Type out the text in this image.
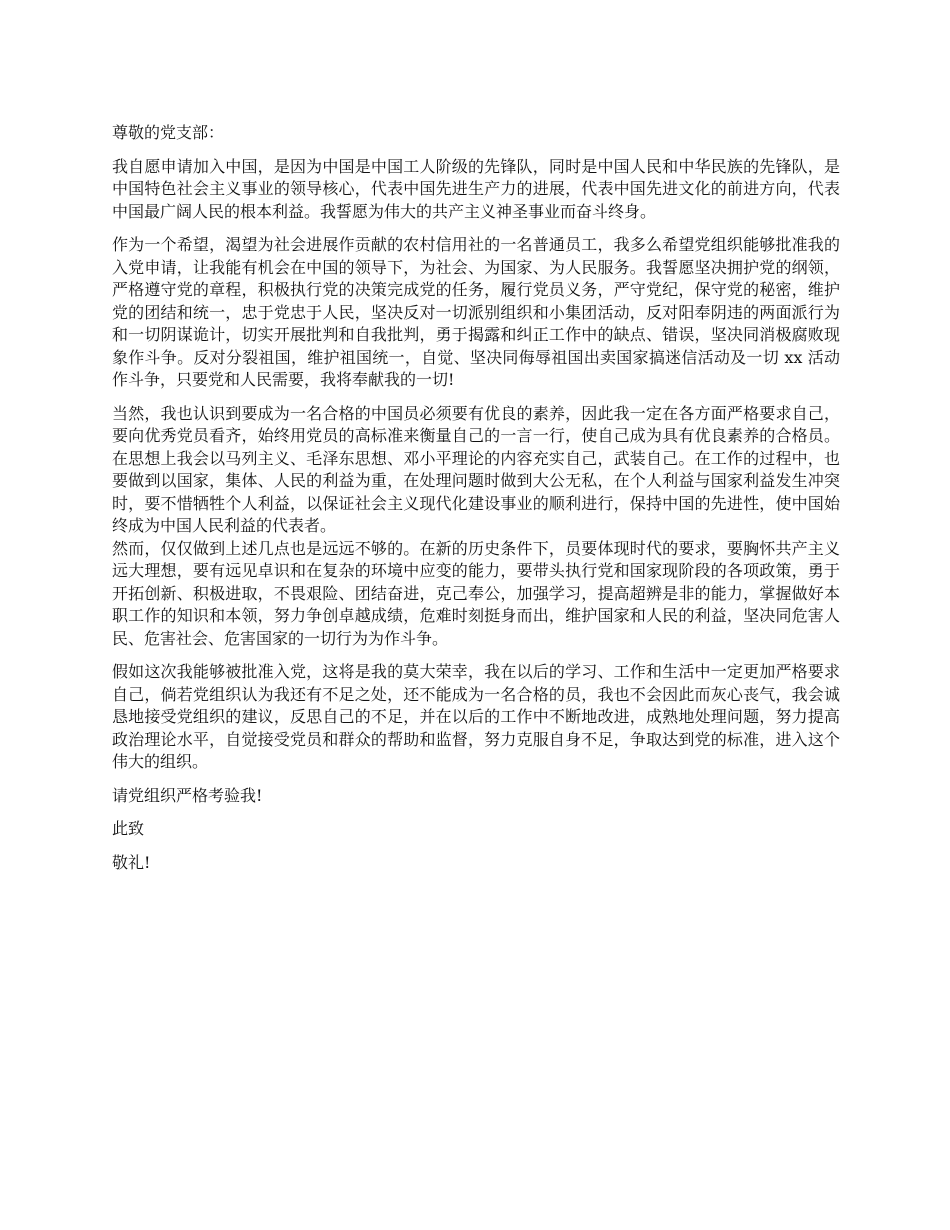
尊敬的党支部：

我自愿申请加入中国，是因为中国是中国工人阶级的先锋队，同时是中国人民和中华民族的先锋队，是中国特色社会主义事业的领导核心，代表中国先进生产力的进展，代表中国先进文化的前进方向，代表中国最广阔人民的根本利益。我誓愿为伟大的共产主义神圣事业而奋斗终身。

作为一个希望，渴望为社会进展作贡献的农村信用社的一名普通员工，我多么希望党组织能够批准我的入党申请，让我能有机会在中国的领导下，为社会、为国家、为人民服务。我誓愿坚决拥护党的纲领，严格遵守党的章程，积极执行党的决策完成党的任务，履行党员义务，严守党纪，保守党的秘密，维护党的团结和统一，忠于党忠于人民，坚决反对一切派别组织和小集团活动，反对阳奉阴违的两面派行为和一切阴谋诡计，切实开展批判和自我批判，勇于揭露和纠正工作中的缺点、错误，坚决同消极腐败现象作斗争。反对分裂祖国，维护祖国统一，自觉、坚决同侮辱祖国出卖国家搞迷信活动及一切 xx 活动作斗争，只要党和人民需要，我将奉献我的一切!

当然，我也认识到要成为一名合格的中国员必须要有优良的素养，因此我一定在各方面严格要求自己，要向优秀党员看齐，始终用党员的高标准来衡量自己的一言一行，使自己成为具有优良素养的合格员。在思想上我会以马列主义、毛泽东思想、邓小平理论的内容充实自己，武装自己。在工作的过程中，也要做到以国家，集体、人民的利益为重，在处理问题时做到大公无私，在个人利益与国家利益发生冲突时，要不惜牺牲个人利益，以保证社会主义现代化建设事业的顺利进行，保持中国的先进性，使中国始终成为中国人民利益的代表者。

然而，仅仅做到上述几点也是远远不够的。在新的历史条件下，员要体现时代的要求，要胸怀共产主义远大理想，要有远见卓识和在复杂的环境中应变的能力，要带头执行党和国家现阶段的各项政策，勇于开拓创新、积极进取，不畏艰险、团结奋进，克己奉公，加强学习，提高超辨是非的能力，掌握做好本职工作的知识和本领，努力争创卓越成绩，危难时刻挺身而出，维护国家和人民的利益，坚决同危害人民、危害社会、危害国家的一切行为为作斗争。

假如这次我能够被批准入党，这将是我的莫大荣幸，我在以后的学习、工作和生活中一定更加严格要求自己，倘若党组织认为我还有不足之处，还不能成为一名合格的员，我也不会因此而灰心丧气，我会诚恳地接受党组织的建议，反思自己的不足，并在以后的工作中不断地改进，成熟地处理问题，努力提高政治理论水平，自觉接受党员和群众的帮助和监督，努力克服自身不足，争取达到党的标准，进入这个伟大的组织。

请党组织严格考验我!

此致

敬礼!
